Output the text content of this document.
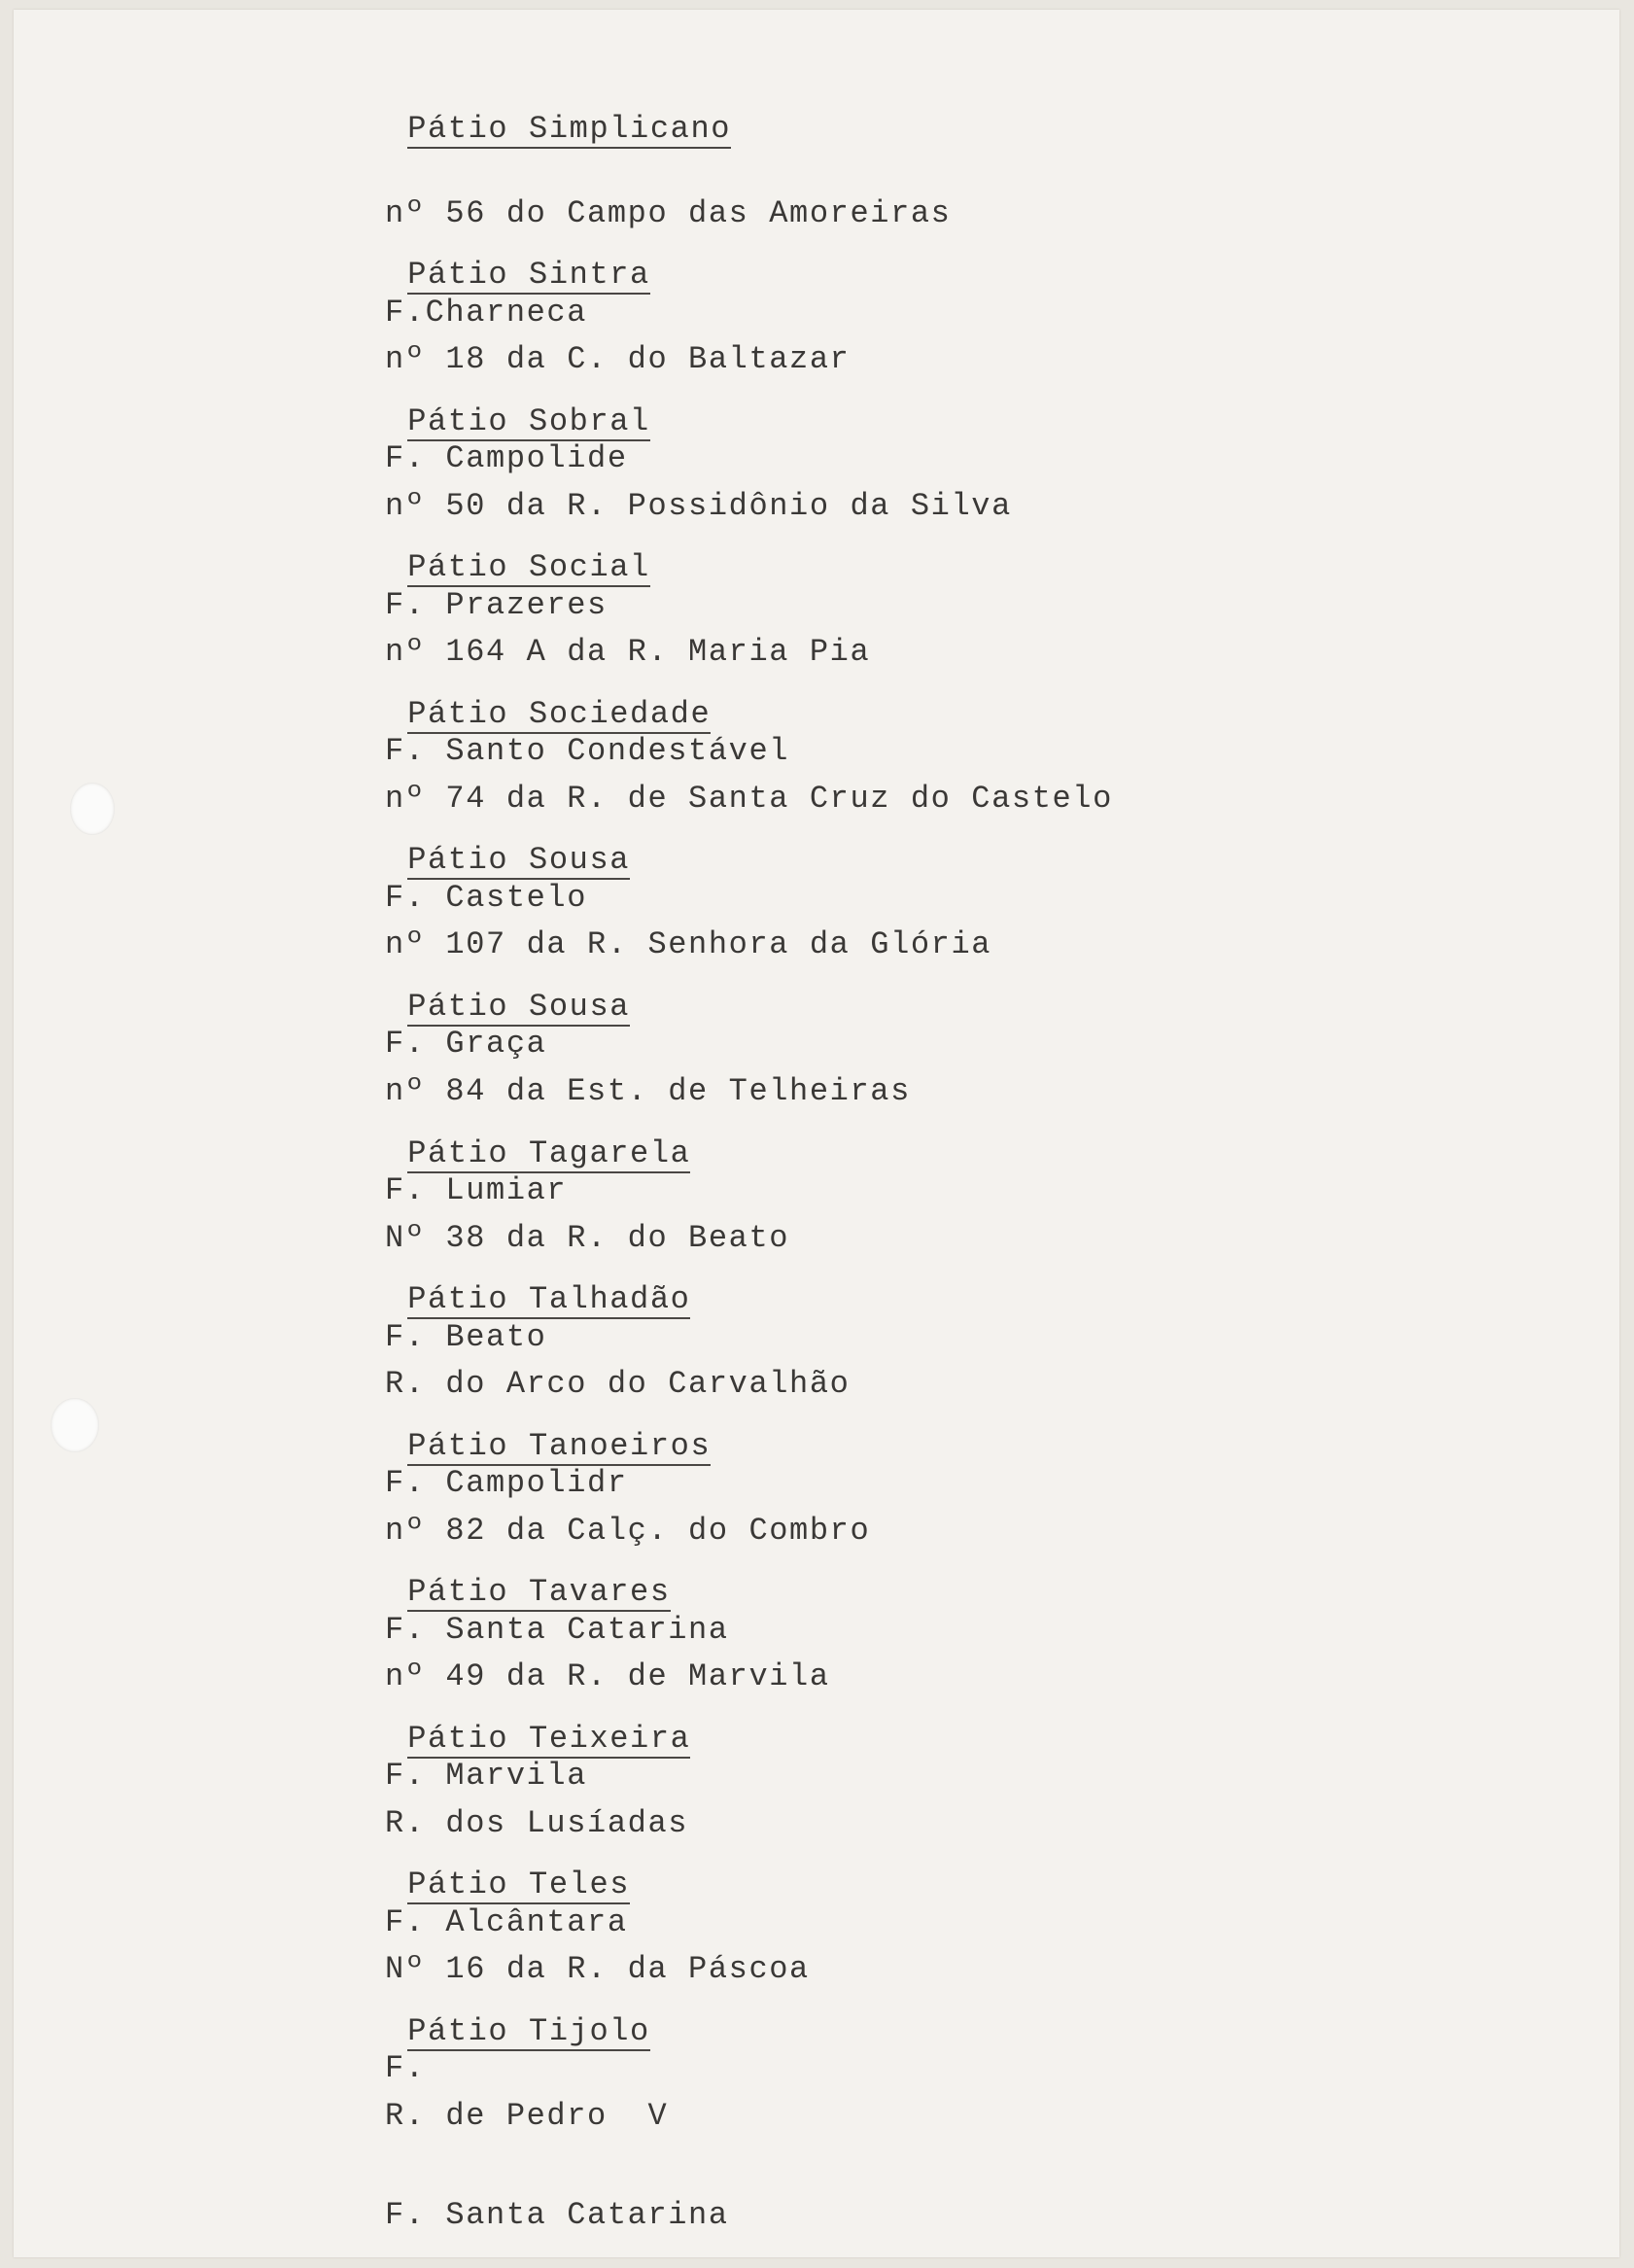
Pátio Simplicano

nº 56 do Campo das Amoreiras

F.Charneca

Pátio Sintra

nº 18 da C. do Baltazar

F. Campolide

Pátio Sobral

nº 50 da R. Possidônio da Silva

F. Prazeres

Pátio Social

nº 164 A da R. Maria Pia

F. Santo Condestável

Pátio Sociedade

nº 74 da R. de Santa Cruz do Castelo

F. Castelo

Pátio Sousa

nº 107 da R. Senhora da Glória

F. Graça

Pátio Sousa

nº 84 da Est. de Telheiras

F. Lumiar

Pátio Tagarela

Nº 38 da R. do Beato

F. Beato

Pátio Talhadão

R. do Arco do Carvalhão

F. Campolidr

Pátio Tanoeiros

nº 82 da Calç. do Combro

F. Santa Catarina

Pátio Tavares

nº 49 da R. de Marvila

F. Marvila

Pátio Teixeira

R. dos Lusíadas

F. Alcântara

Pátio Teles

Nº 16 da R. da Páscoa

F.

Pátio Tijolo

R. de Pedro  V

F. Santa Catarina
